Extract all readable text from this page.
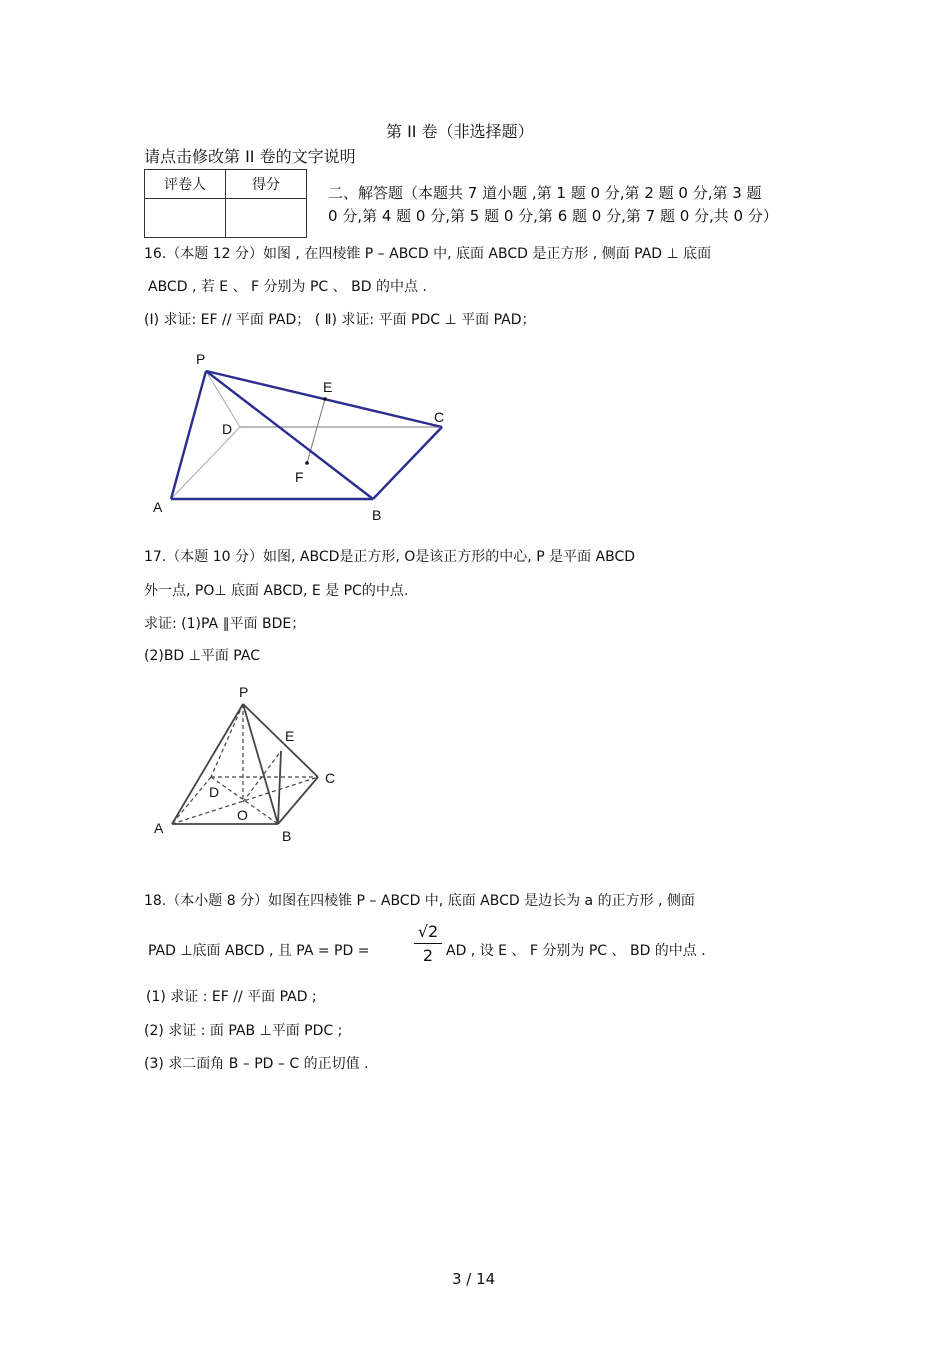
第 II 卷（非选择题）
请点击修改第 II 卷的文字说明
评卷人	得分
		二、解答题（本题共 7 道小题 ,第 1 题 0 分,第 2 题 0 分,第 3 题
0 分,第 4 题 0 分,第 5 题 0 分,第 6 题 0 分,第 7 题 0 分,共 0 分）
16.（本题 12 分）如图 , 在四棱锥 P – ABCD 中, 底面 ABCD 是正方形 , 侧面 PAD ⊥ 底面
ABCD , 若 E 、 F 分别为 PC 、 BD 的中点 .
(Ⅰ) 求证: EF // 平面 PAD； ( Ⅱ) 求证: 平面 PDC ⊥ 平面 PAD；
P
E
C
D
F
A	B
17.（本题 10 分）如图, ABCD是正方形, O是该正方形的中心, P 是平面 ABCD
外一点, PO⊥ 底面 ABCD, E 是 PC的中点.
求证: (1)PA ∥平面 BDE；
(2)BD ⊥平面 PAC
P
E
C
D
O
A	B
18.（本小题 8 分）如图在四棱锥 P – ABCD 中, 底面 ABCD 是边长为 a 的正方形 , 侧面
PAD ⊥底面 ABCD , 且 PA = PD =	$\frac{√2}{2}$ AD , 设 E 、 F 分别为 PC 、 BD 的中点 .
(1) 求证 : EF // 平面 PAD ;
(2) 求证 : 面 PAB ⊥平面 PDC ;
(3) 求二面角 B – PD – C 的正切值 .
3 / 14
